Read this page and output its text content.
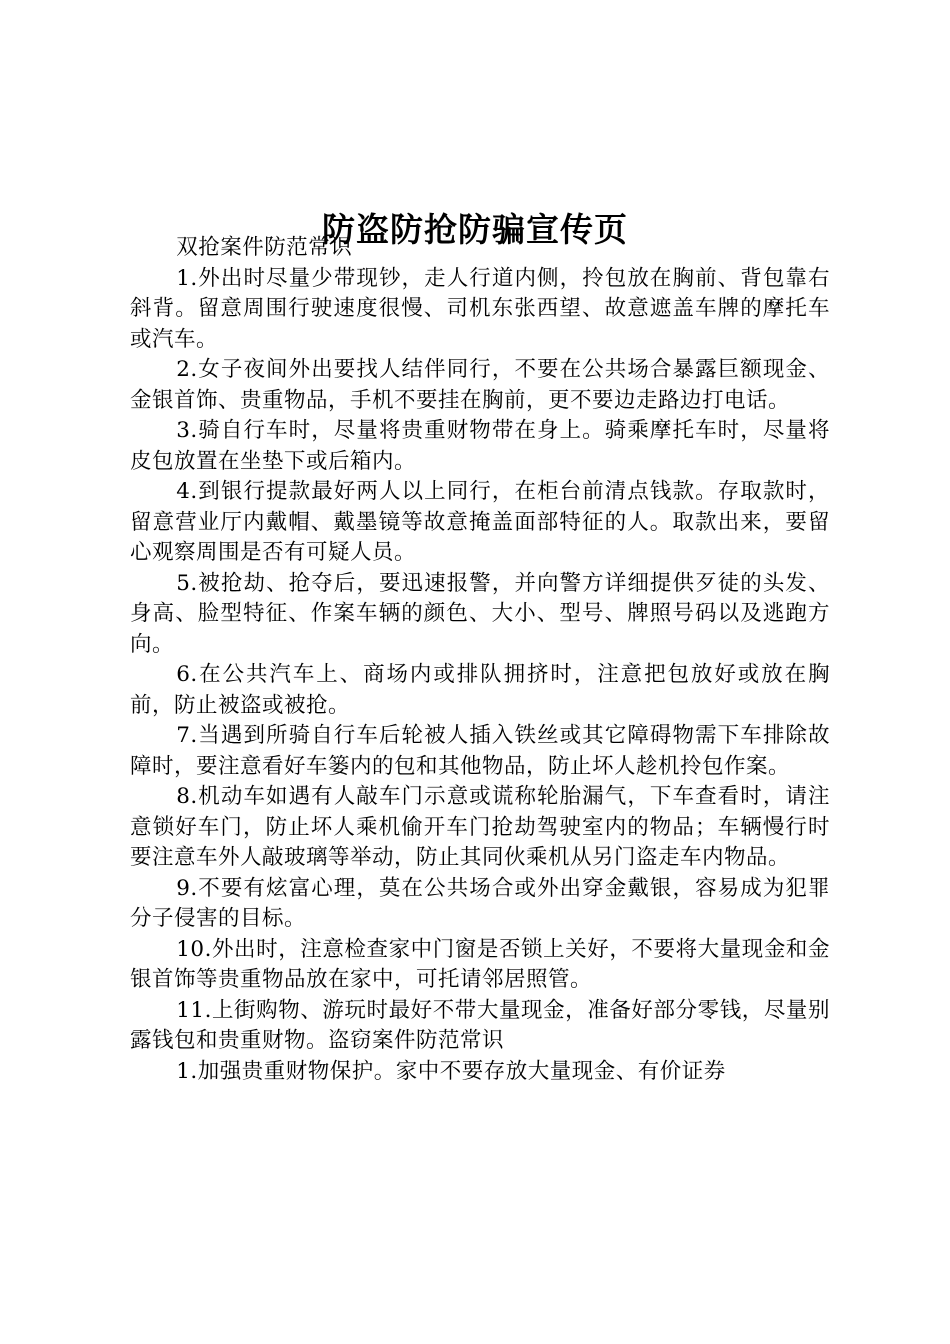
防盗防抢防骗宣传页

双抢案件防范常识

1.外出时尽量少带现钞，走人行道内侧，拎包放在胸前、背包靠右斜背。留意周围行驶速度很慢、司机东张西望、故意遮盖车牌的摩托车或汽车。

2.女子夜间外出要找人结伴同行，不要在公共场合暴露巨额现金、金银首饰、贵重物品，手机不要挂在胸前，更不要边走路边打电话。

3.骑自行车时，尽量将贵重财物带在身上。骑乘摩托车时，尽量将皮包放置在坐垫下或后箱内。

4.到银行提款最好两人以上同行，在柜台前清点钱款。存取款时，留意营业厅内戴帽、戴墨镜等故意掩盖面部特征的人。取款出来，要留心观察周围是否有可疑人员。

5.被抢劫、抢夺后，要迅速报警，并向警方详细提供歹徒的头发、身高、脸型特征、作案车辆的颜色、大小、型号、牌照号码以及逃跑方向。

6.在公共汽车上、商场内或排队拥挤时，注意把包放好或放在胸前，防止被盗或被抢。

7.当遇到所骑自行车后轮被人插入铁丝或其它障碍物需下车排除故障时，要注意看好车篓内的包和其他物品，防止坏人趁机拎包作案。

8.机动车如遇有人敲车门示意或谎称轮胎漏气，下车查看时，请注意锁好车门，防止坏人乘机偷开车门抢劫驾驶室内的物品；车辆慢行时要注意车外人敲玻璃等举动，防止其同伙乘机从另门盗走车内物品。

9.不要有炫富心理，莫在公共场合或外出穿金戴银，容易成为犯罪分子侵害的目标。

10.外出时，注意检查家中门窗是否锁上关好，不要将大量现金和金银首饰等贵重物品放在家中，可托请邻居照管。

11.上街购物、游玩时最好不带大量现金，准备好部分零钱，尽量别露钱包和贵重财物。盗窃案件防范常识

1.加强贵重财物保护。家中不要存放大量现金、有价证券
